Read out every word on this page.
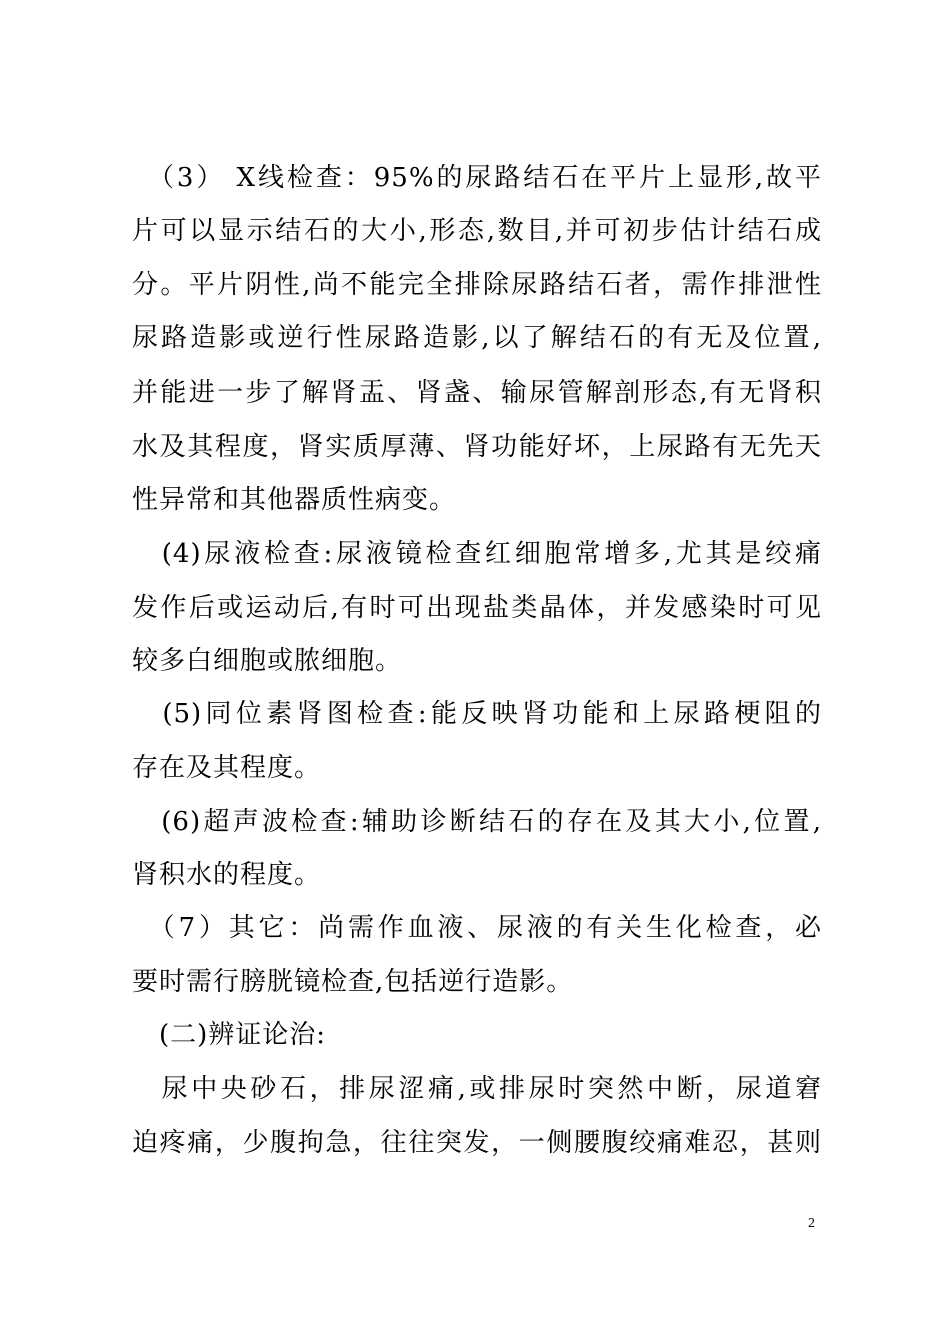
　（3） X线检查：95%的尿路结石在平片上显形,故平
片可以显示结石的大小,形态,数目,并可初步估计结石成
分。平片阴性,尚不能完全排除尿路结石者，需作排泄性
尿路造影或逆行性尿路造影,以了解结石的有无及位置,
并能进一步了解肾盂、肾盏、输尿管解剖形态,有无肾积
水及其程度，肾实质厚薄、肾功能好坏，上尿路有无先天
性异常和其他器质性病变。
　(4)尿液检查:尿液镜检查红细胞常增多,尤其是绞痛
发作后或运动后,有时可出现盐类晶体，并发感染时可见
较多白细胞或脓细胞。
　(5)同位素肾图检查:能反映肾功能和上尿路梗阻的
存在及其程度。
　(6)超声波检查:辅助诊断结石的存在及其大小,位置,
肾积水的程度。
　（7）其它：尚需作血液、尿液的有关生化检查，必
要时需行膀胱镜检查,包括逆行造影。
　(二)辨证论治:
　尿中央砂石，排尿涩痛,或排尿时突然中断，尿道窘
迫疼痛，少腹拘急，往往突发，一侧腰腹绞痛难忍，甚则
2
